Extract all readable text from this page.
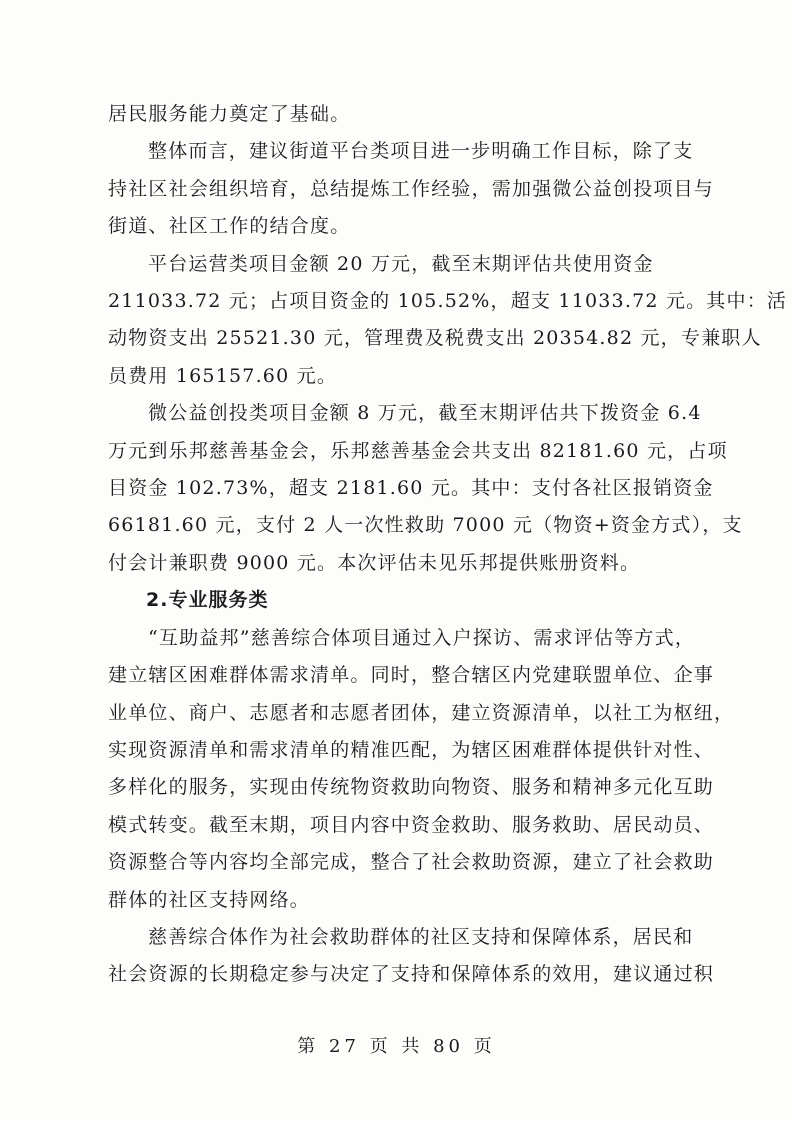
居民服务能力奠定了基础。

整体而言，建议街道平台类项目进一步明确工作目标，除了支
持社区社会组织培育，总结提炼工作经验，需加强微公益创投项目与
街道、社区工作的结合度。

平台运营类项目金额 20 万元，截至末期评估共使用资金
211033.72 元；占项目资金的 105.52%，超支 11033.72 元。其中：活
动物资支出 25521.30 元，管理费及税费支出 20354.82 元，专兼职人
员费用 165157.60 元。

微公益创投类项目金额 8 万元，截至末期评估共下拨资金 6.4
万元到乐邦慈善基金会，乐邦慈善基金会共支出 82181.60 元，占项
目资金 102.73%，超支 2181.60 元。其中：支付各社区报销资金
66181.60 元，支付 2 人一次性救助 7000 元（物资+资金方式），支
付会计兼职费 9000 元。本次评估未见乐邦提供账册资料。

2.专业服务类

“互助益邦”慈善综合体项目通过入户探访、需求评估等方式，
建立辖区困难群体需求清单。同时，整合辖区内党建联盟单位、企事
业单位、商户、志愿者和志愿者团体，建立资源清单，以社工为枢纽，
实现资源清单和需求清单的精准匹配，为辖区困难群体提供针对性、
多样化的服务，实现由传统物资救助向物资、服务和精神多元化互助
模式转变。截至末期，项目内容中资金救助、服务救助、居民动员、
资源整合等内容均全部完成，整合了社会救助资源，建立了社会救助
群体的社区支持网络。

慈善综合体作为社会救助群体的社区支持和保障体系，居民和
社会资源的长期稳定参与决定了支持和保障体系的效用，建议通过积

第 27 页 共 80 页
